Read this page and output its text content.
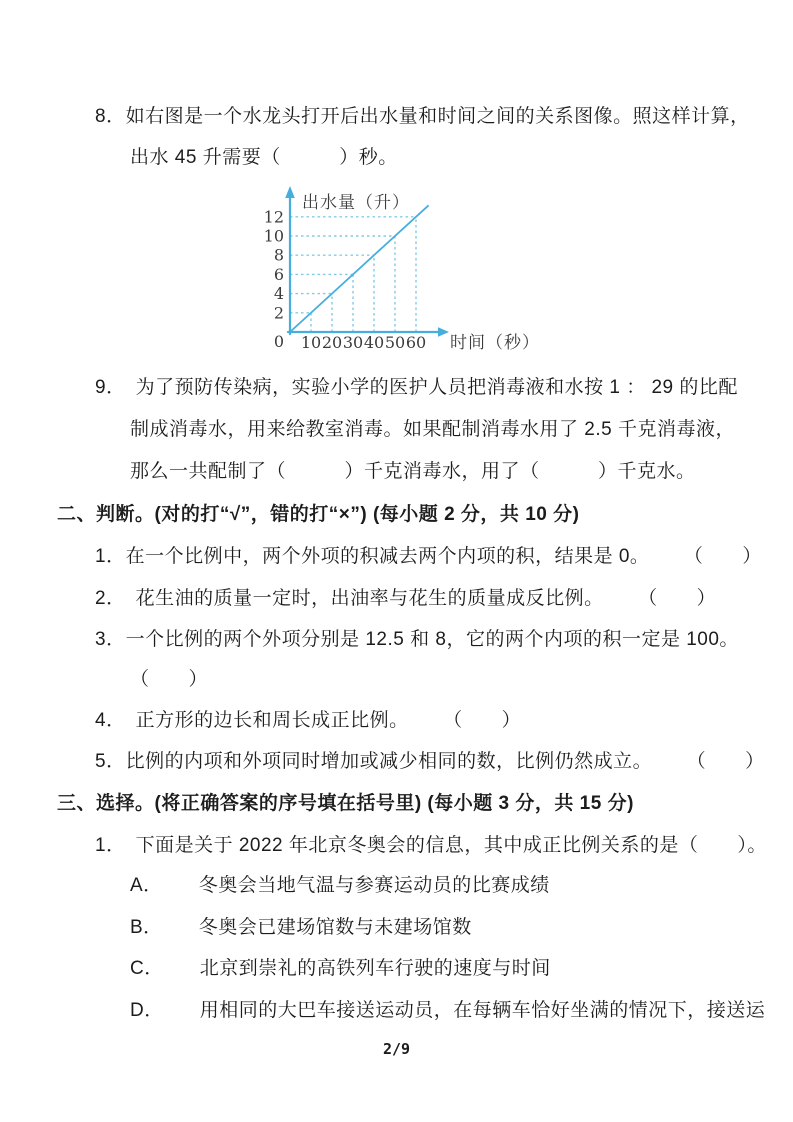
8．如右图是一个水龙头打开后出水量和时间之间的关系图像。照这样计算，
出水 45 升需要（　　　）秒。
0
2
4
6
8
10
12
10 20 30 40 50 60
出水量（升）
时间（秒）
9．　为了预防传染病，实验小学的医护人员把消毒液和水按 1 ： 29 的比配
制成消毒水，用来给教室消毒。如果配制消毒水用了 2.5 千克消毒液，
那么一共配制了（　　　）千克消毒水，用了（　　　）千克水。
二、判断。(对的打“√”，错的打“×”) (每小题 2 分，共 10 分)
1．在一个比例中，两个外项的积减去两个内项的积，结果是 0。 （　　）
2．　花生油的质量一定时，出油率与花生的质量成反比例。 （　　）
3．一个比例的两个外项分别是 12.5 和 8，它的两个内项的积一定是 100。
（　　）
4．　正方形的边长和周长成正比例。 （　　）
5．比例的内项和外项同时增加或减少相同的数，比例仍然成立。 （　　）
三、选择。(将正确答案的序号填在括号里) (每小题 3 分，共 15 分)
1．　下面是关于 2022 年北京冬奥会的信息，其中成正比例关系的是（　　）。
A． 冬奥会当地气温与参赛运动员的比赛成绩
B． 冬奥会已建场馆数与未建场馆数
C． 北京到崇礼的高铁列车行驶的速度与时间
D． 用相同的大巴车接送运动员，在每辆车恰好坐满的情况下，接送运
2/9
